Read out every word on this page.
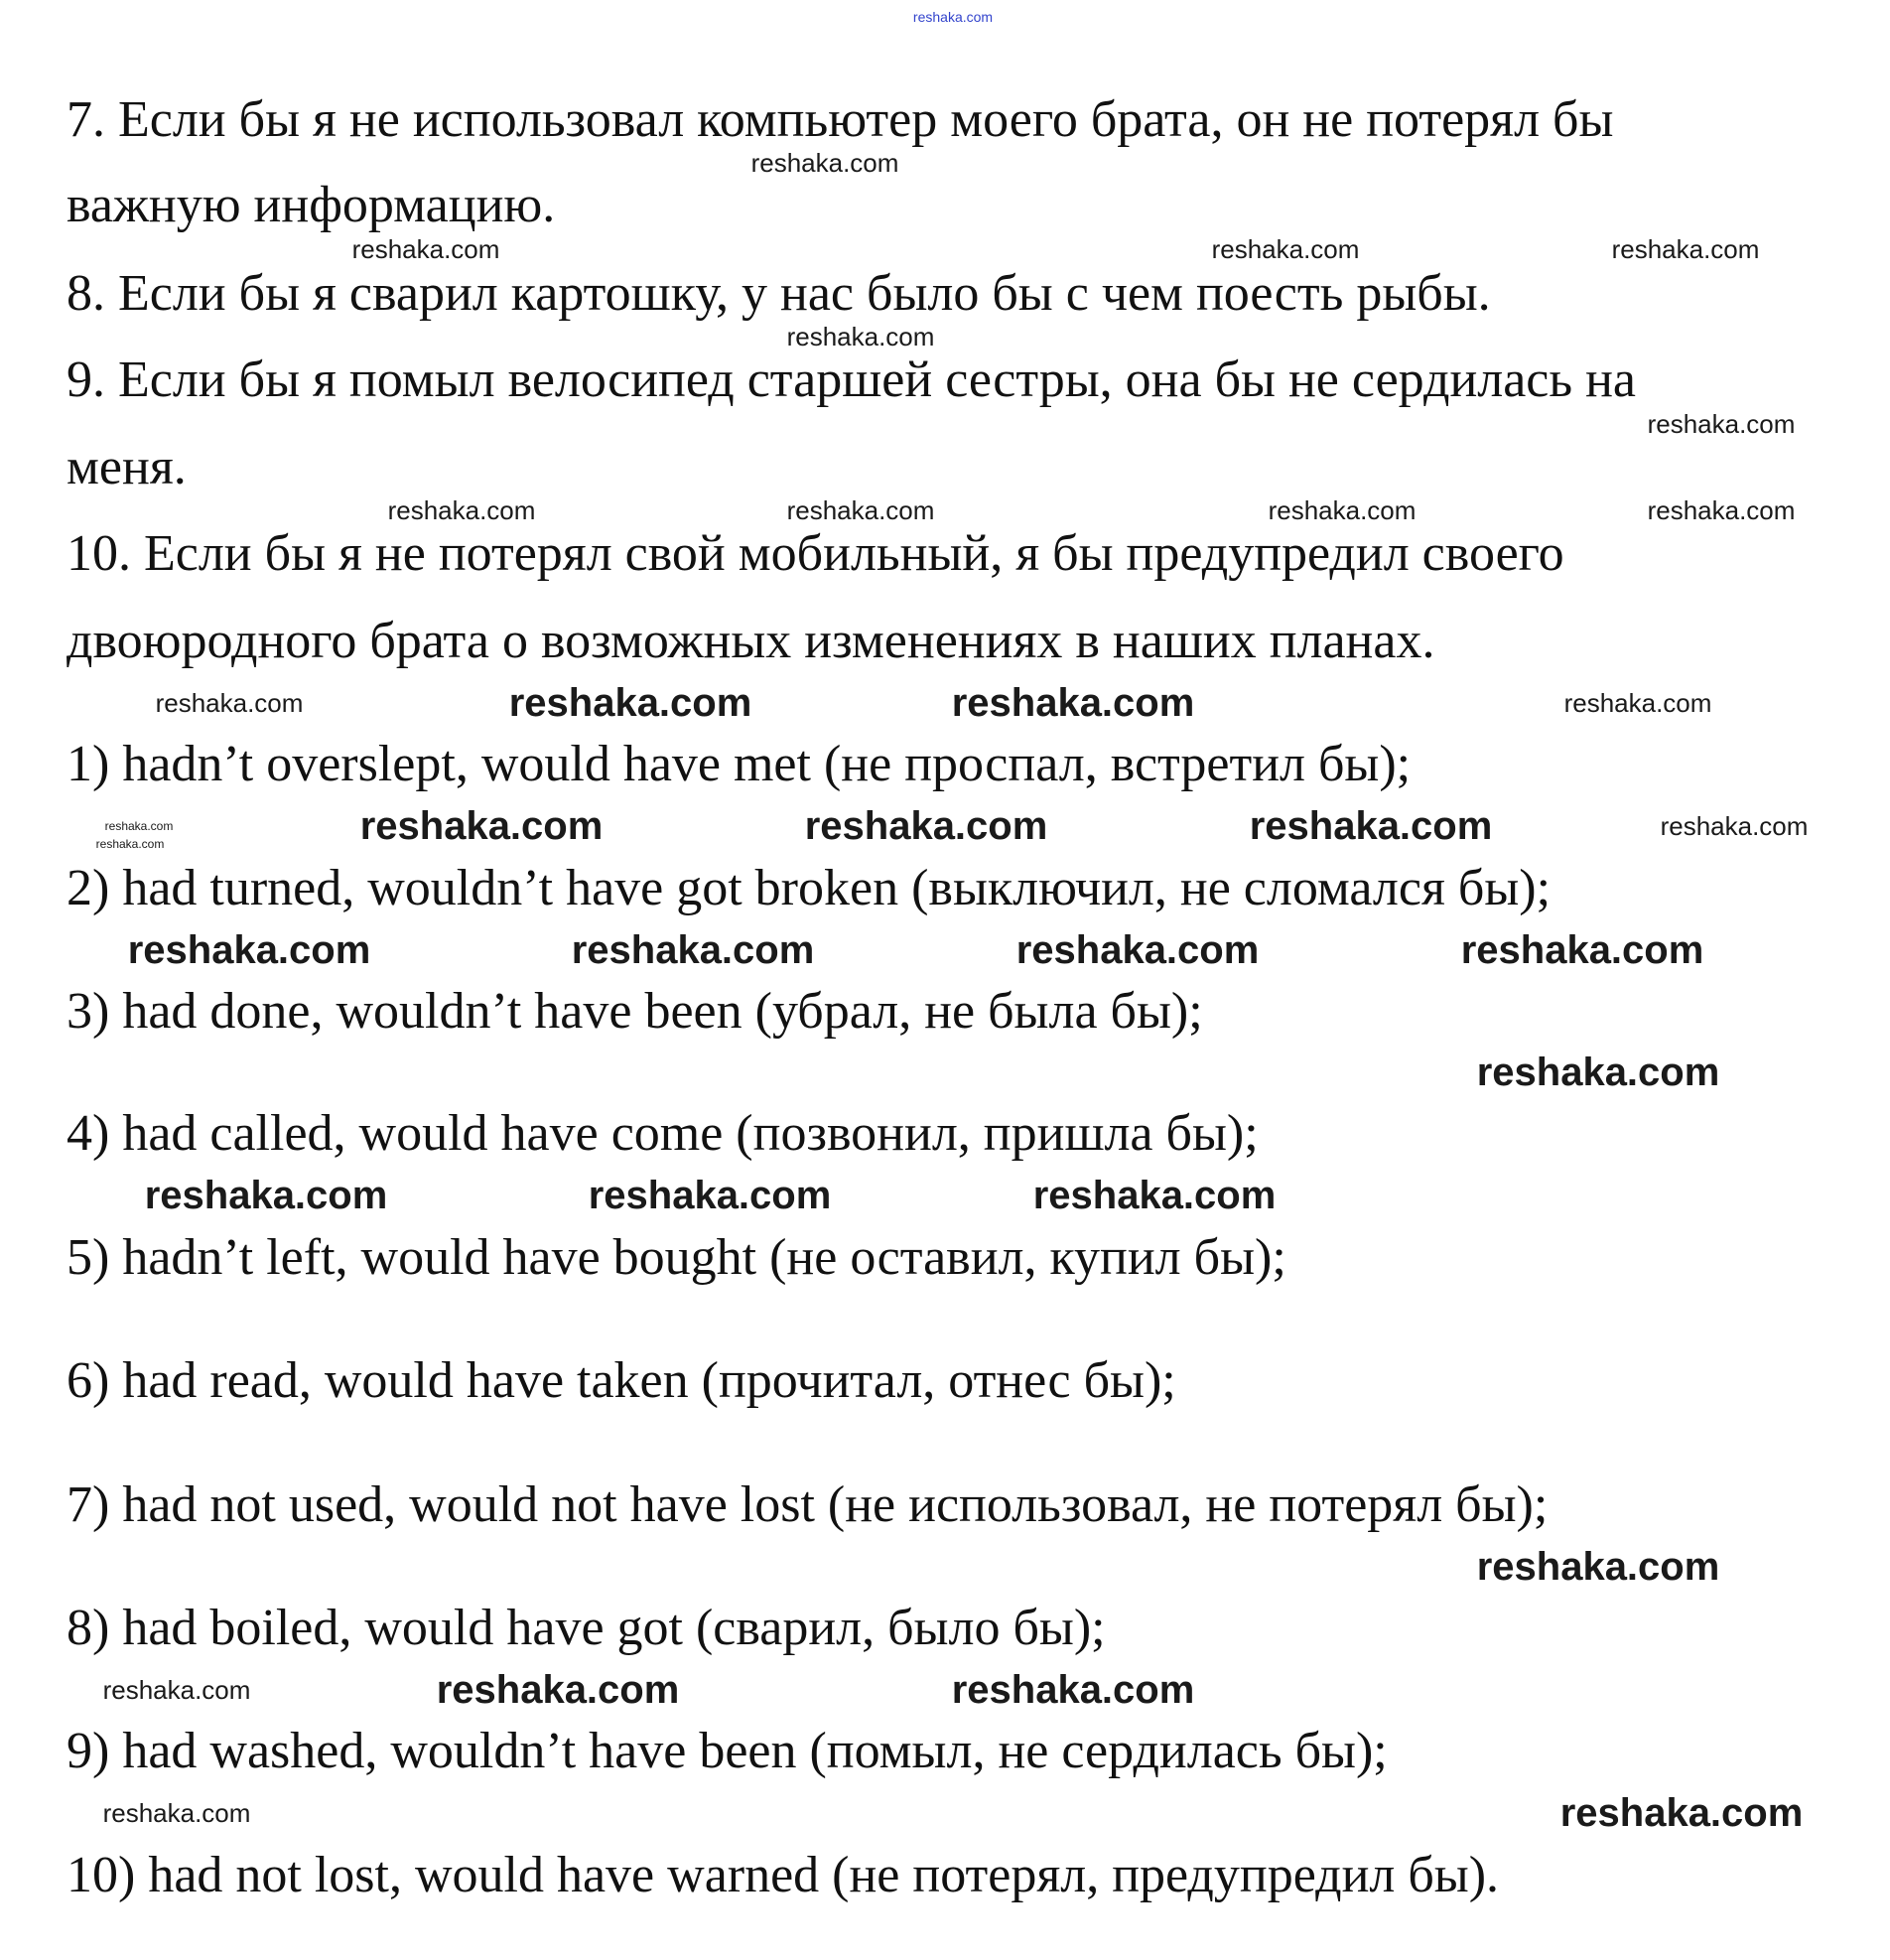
reshaka.com
7. Если бы я не использовал компьютер моего брата, он не потерял бы
важную информацию.
8. Если бы я сварил картошку, у нас было бы с чем поесть рыбы.
9. Если бы я помыл велосипед старшей сестры, она бы не сердилась на
меня.
10. Если бы я не потерял свой мобильный, я бы предупредил своего
двоюродного брата о возможных изменениях в наших планах.
1) hadn’t overslept, would have met (не проспал, встретил бы);
2) had turned, wouldn’t have got broken (выключил, не сломался бы);
3) had done, wouldn’t have been (убрал, не была бы);
4) had called, would have come (позвонил, пришла бы);
5) hadn’t left, would have bought (не оставил, купил бы);
6) had read, would have taken (прочитал, отнес бы);
7) had not used, would not have lost (не использовал, не потерял бы);
8) had boiled, would have got (сварил, было бы);
9) had washed, wouldn’t have been (помыл, не сердилась бы);
10) had not lost, would have warned (не потерял, предупредил бы).
reshaka.com
reshaka.com	reshaka.com	reshaka.com
reshaka.com
reshaka.com
reshaka.com	reshaka.com	reshaka.com	reshaka.com
reshaka.com	reshaka.com	reshaka.com	reshaka.com
reshaka.com	reshaka.com
reshaka.com	reshaka.com	reshaka.com	reshaka.com
reshaka.com	reshaka.com
reshaka.com	reshaka.com
reshaka.com
reshaka.com	reshaka.com	reshaka.com
reshaka.com
reshaka.com	reshaka.com
reshaka.com
reshaka.com	reshaka.com
